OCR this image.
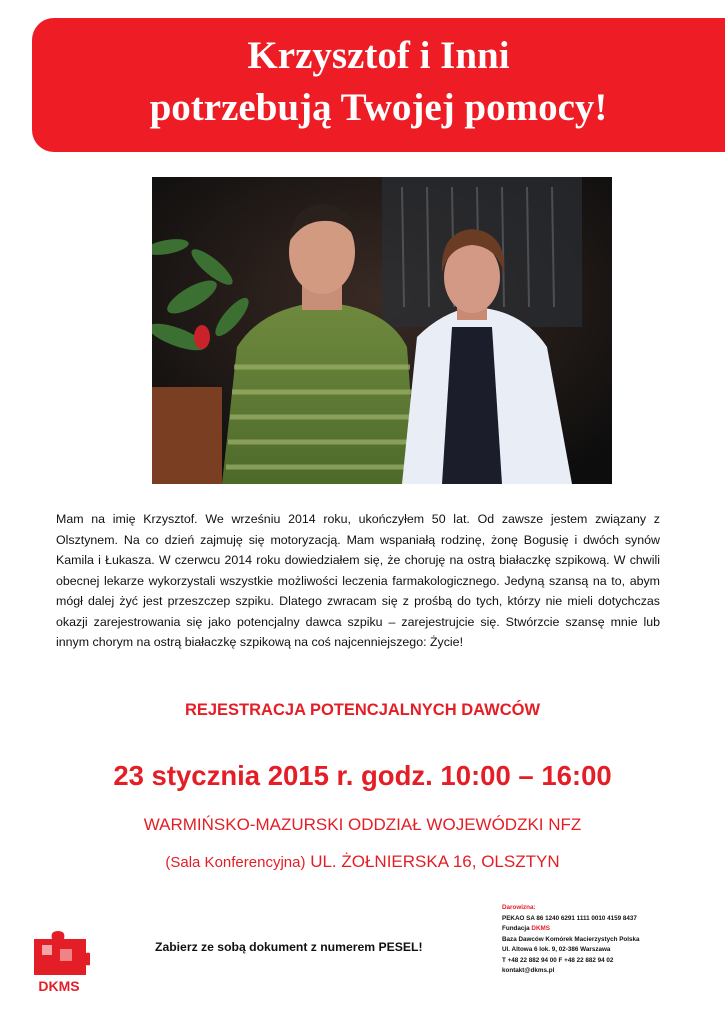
Krzysztof i Inni
potrzebują Twojej pomocy!

Mam na imię Krzysztof. We wrześniu 2014 roku, ukończyłem 50 lat. Od zawsze jestem związany z Olsztynem. Na co dzień zajmuję się motoryzacją. Mam wspaniałą rodzinę, żonę Bogusię i dwóch synów Kamila i Łukasza. W czerwcu 2014 roku dowiedziałem się, że choruję na ostrą białaczkę szpikową. W chwili obecnej lekarze wykorzystali wszystkie możliwości leczenia farmakologicznego. Jedyną szansą na to, abym mógł dalej żyć jest przeszczep szpiku. Dlatego zwracam się z prośbą do tych, którzy nie mieli dotychczas okazji zarejestrowania się jako potencjalny dawca szpiku – zarejestrujcie się. Stwórzcie szansę mnie lub innym chorym na ostrą białaczkę szpikową na coś najcenniejszego: Życie!

REJESTRACJA POTENCJALNYCH DAWCÓW
23 stycznia 2015 r. godz. 10:00 – 16:00
WARMIŃSKO-MAZURSKI ODDZIAŁ WOJEWÓDZKI NFZ
(Sala Konferencyjna) UL. ŻOŁNIERSKA 16, OLSZTYN
DKMS
Zabierz ze sobą dokument z numerem PESEL!
Darowizna:
PEKAO SA 86 1240 6291 1111 0010 4159 8437
Fundacja DKMS
Baza Dawców Komórek Macierzystych Polska
Ul. Altowa 6 lok. 9, 02-386 Warszawa
T +48 22 882 94 00 F +48 22 882 94 02
kontakt@dkms.pl
